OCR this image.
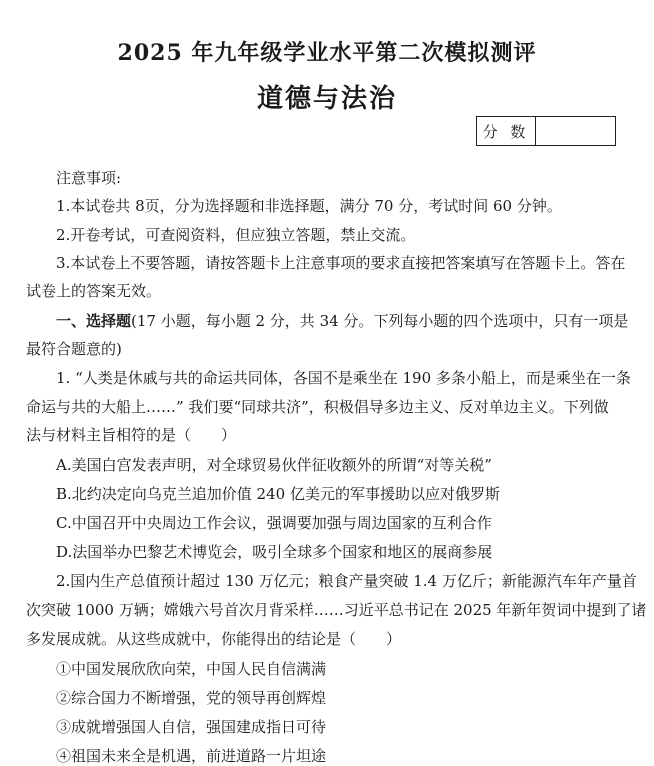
2025 年九年级学业水平第二次模拟测评
道德与法治
分 数
注意事项:
1.本试卷共 8页，分为选择题和非选择题，满分 70 分，考试时间 60 分钟。
2.开卷考试，可查阅资料，但应独立答题，禁止交流。
3.本试卷上不要答题，请按答题卡上注意事项的要求直接把答案填写在答题卡上。答在
试卷上的答案无效。
一、选择题(17 小题，每小题 2 分，共 34 分。下列每小题的四个选项中，只有一项是
最符合题意的)
1. “人类是休戚与共的命运共同体，各国不是乘坐在 190 多条小船上，而是乘坐在一条
命运与共的大船上……” 我们要“同球共济”，积极倡导多边主义、反对单边主义。下列做
法与材料主旨相符的是（　　）
A.美国白宫发表声明，对全球贸易伙伴征收额外的所谓“对等关税”
B.北约决定向乌克兰追加价值 240 亿美元的军事援助以应对俄罗斯
C.中国召开中央周边工作会议，强调要加强与周边国家的互利合作
D.法国举办巴黎艺术博览会，吸引全球多个国家和地区的展商参展
2.国内生产总值预计超过 130 万亿元；粮食产量突破 1.4 万亿斤；新能源汽车年产量首
次突破 1000 万辆；嫦娥六号首次月背采样……习近平总书记在 2025 年新年贺词中提到了诸
多发展成就。从这些成就中，你能得出的结论是（　　）
①中国发展欣欣向荣，中国人民自信满满
②综合国力不断增强，党的领导再创辉煌
③成就增强国人自信，强国建成指日可待
④祖国未来全是机遇，前进道路一片坦途
